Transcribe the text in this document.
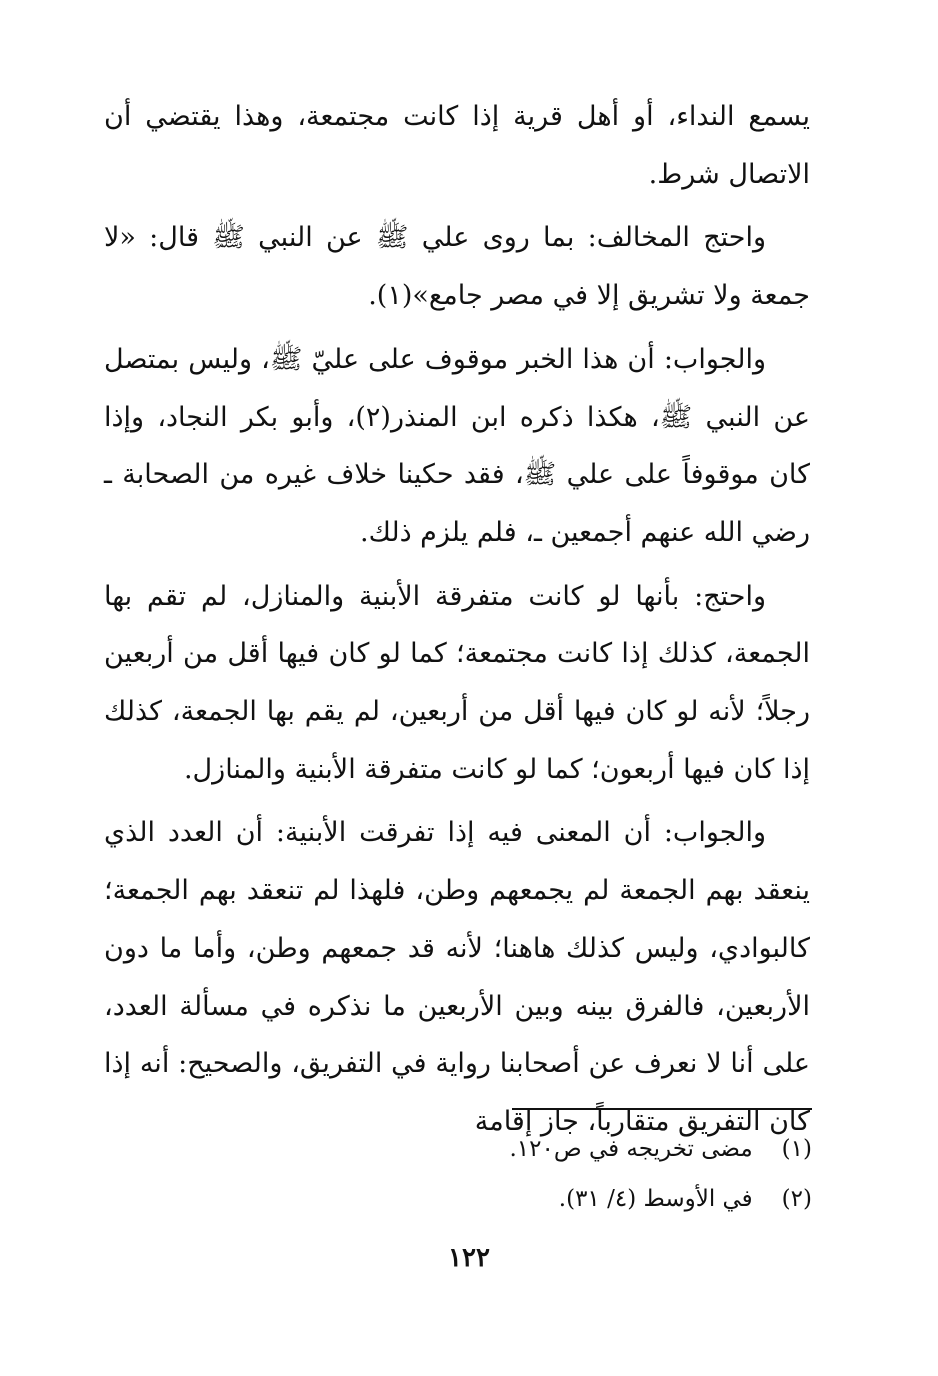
يسمع النداء، أو أهل قرية إذا كانت مجتمعة، وهذا يقتضي أن الاتصال شرط.

واحتج المخالف: بما روى علي ﷺ عن النبي ﷺ قال: «لا جمعة ولا تشريق إلا في مصر جامع»(١).

والجواب: أن هذا الخبر موقوف على عليّ ﷺ، وليس بمتصل عن النبي ﷺ، هكذا ذكره ابن المنذر(٢)، وأبو بكر النجاد، وإذا كان موقوفاً على علي ﷺ، فقد حكينا خلاف غيره من الصحابة ـ رضي الله عنهم أجمعين ـ، فلم يلزم ذلك.

واحتج: بأنها لو كانت متفرقة الأبنية والمنازل، لم تقم بها الجمعة، كذلك إذا كانت مجتمعة؛ كما لو كان فيها أقل من أربعين رجلاً؛ لأنه لو كان فيها أقل من أربعين، لم يقم بها الجمعة، كذلك إذا كان فيها أربعون؛ كما لو كانت متفرقة الأبنية والمنازل.

والجواب: أن المعنى فيه إذا تفرقت الأبنية: أن العدد الذي ينعقد بهم الجمعة لم يجمعهم وطن، فلهذا لم تنعقد بهم الجمعة؛ كالبوادي، وليس كذلك هاهنا؛ لأنه قد جمعهم وطن، وأما ما دون الأربعين، فالفرق بينه وبين الأربعين ما نذكره في مسألة العدد، على أنا لا نعرف عن أصحابنا رواية في التفريق، والصحيح: أنه إذا كان التفريق متقارباً، جاز إقامة

(١) مضى تخريجه في ص١٢٠.
(٢) في الأوسط (٤/ ٣١).
١٢٢
